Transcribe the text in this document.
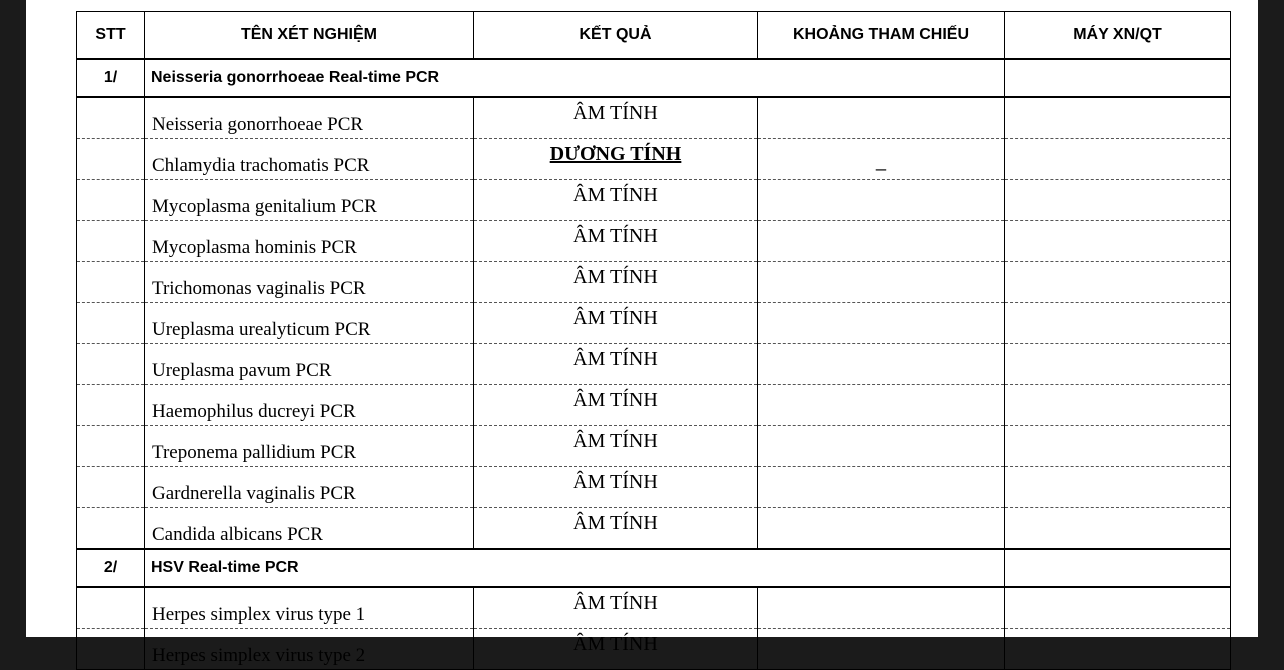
STT	TÊN XÉT NGHIỆM	KẾT QUẢ	KHOẢNG THAM CHIẾU	MÁY XN/QT
1/	Neisseria gonorrhoeae Real-time PCR			
	Neisseria gonorrhoeae PCR	ÂM TÍNH		
	Chlamydia trachomatis PCR	DƯƠNG TÍNH	_	

	Mycoplasma genitalium PCR	ÂM TÍNH		
	Mycoplasma hominis PCR	ÂM TÍNH		
	Trichomonas vaginalis PCR	ÂM TÍNH		
	Ureplasma urealyticum PCR	ÂM TÍNH		
	Ureplasma pavum PCR	ÂM TÍNH		
	Haemophilus ducreyi PCR	ÂM TÍNH		
	Treponema pallidium PCR	ÂM TÍNH		
	Gardnerella vaginalis PCR	ÂM TÍNH		
	Candida albicans PCR	ÂM TÍNH		
2/	HSV Real-time PCR			
	Herpes simplex virus type 1	ÂM TÍNH		
	Herpes simplex virus type 2	ÂM TÍNH		
